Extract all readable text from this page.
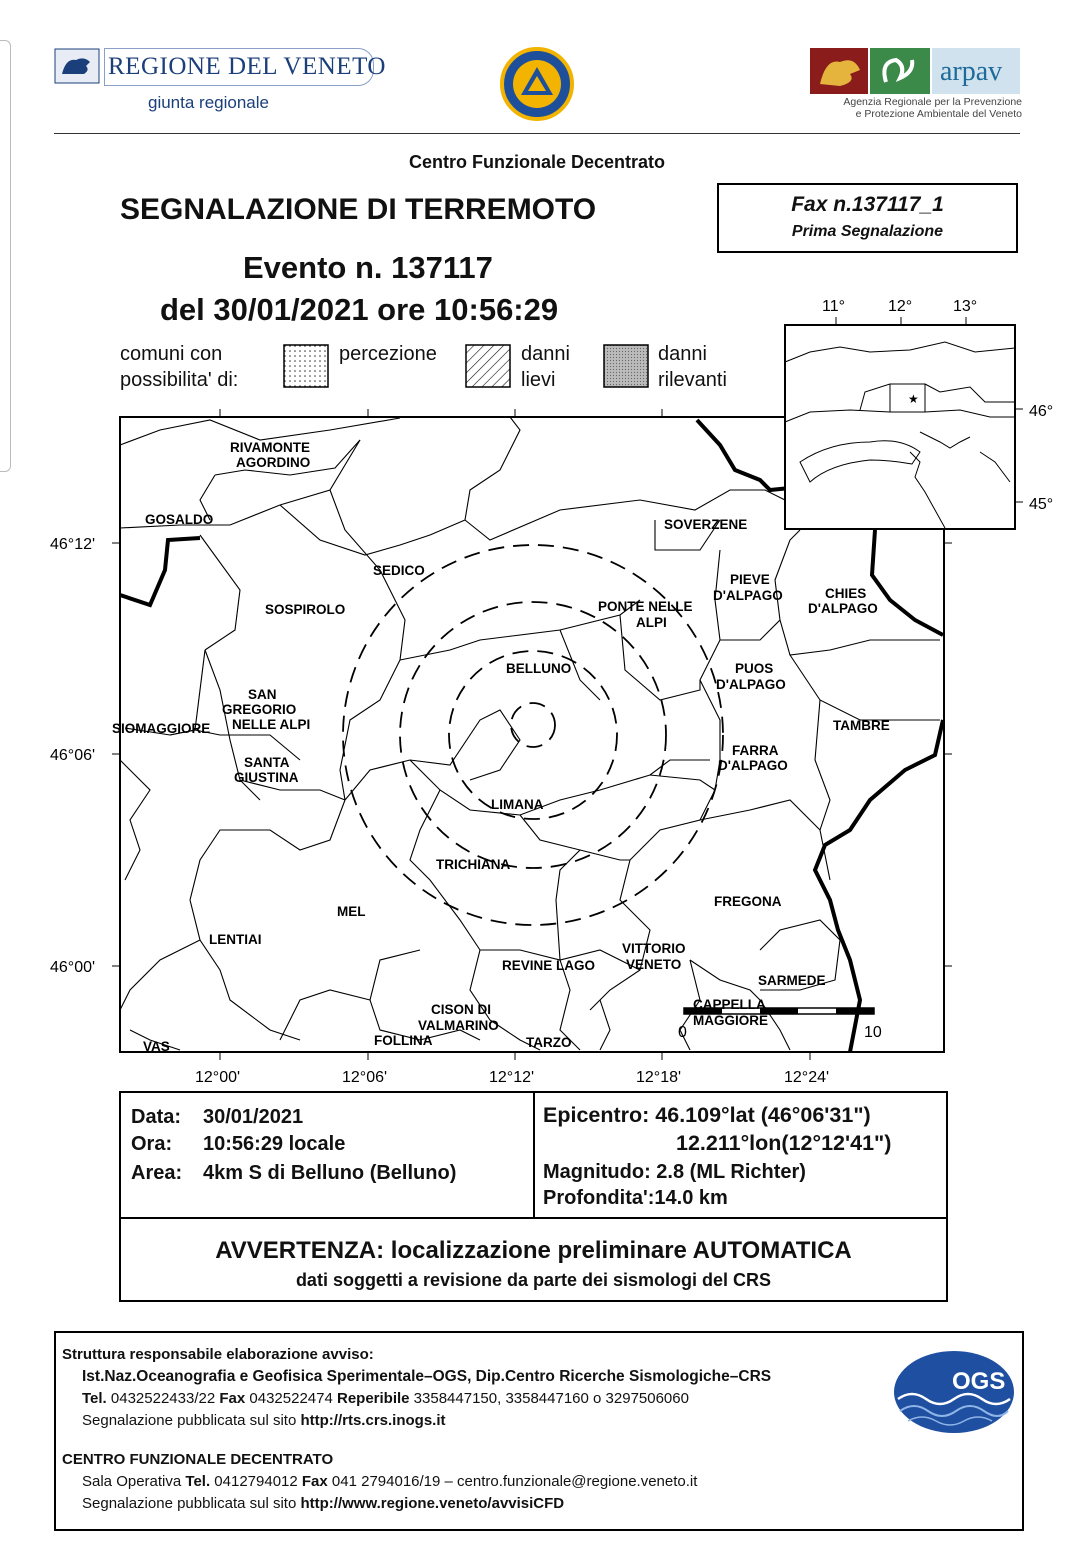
REGIONE DEL VENETO
giunta regionale
arpav
Agenzia Regionale per la Prevenzione
e Protezione Ambientale del Veneto
Centro Funzionale Decentrato
SEGNALAZIONE DI TERREMOTO
Evento n. 137117
del 30/01/2021 ore 10:56:29
Fax n.137117_1
Prima Segnalazione
comuni con
possibilita' di:
percezione	danni
lievi
danni
rilevanti
RIVAMONTE
AGORDINO
GOSALDO	SOVERZENE
SEDICO
SOSPIROLO
PIEVE
D'ALPAGO	CHIES
D'ALPAGO
PONTE NELLE
ALPI
BELLUNO	PUOS
D'ALPAGO
SAN
GREGORIO
NELLE ALPI
SIOMAGGIORE	TAMBRE
SANTA
GIUSTINA
FARRA
D'ALPAGO
LIMANA
TRICHIANA
MEL
FREGONA
LENTIAI
VITTORIO
VENETO
REVINE LAGO
SARMEDE
CAPPELLA
MAGGIORE
CISON DI
VALMARINO
FOLLINA	TARZO
VAS
46°12'
46°06'
46°00'
12°00'	12°06'	12°12'	12°18'	12°24'
0	10
★
11°	12°	13°
46°
45°
Data: 30/01/2021
Ora: 10:56:29 locale
Area: 4km S di Belluno (Belluno)
Epicentro: 46.109°lat (46°06'31")
12.211°lon(12°12'41")
Magnitudo: 2.8 (ML Richter)
Profondita':14.0 km
AVVERTENZA: localizzazione preliminare AUTOMATICA
dati soggetti a revisione da parte dei sismologi del CRS
Struttura responsabile elaborazione avviso:
Ist.Naz.Oceanografia e Geofisica Sperimentale–OGS, Dip.Centro Ricerche Sismologiche–CRS
Tel. 0432522433/22 Fax 0432522474 Reperibile 3358447150, 3358447160 o 3297506060
Segnalazione pubblicata sul sito http://rts.crs.inogs.it
CENTRO FUNZIONALE DECENTRATO
Sala Operativa Tel. 0412794012 Fax 041 2794016/19 – centro.funzionale@regione.veneto.it
Segnalazione pubblicata sul sito http://www.regione.veneto/avvisiCFD
OGS
